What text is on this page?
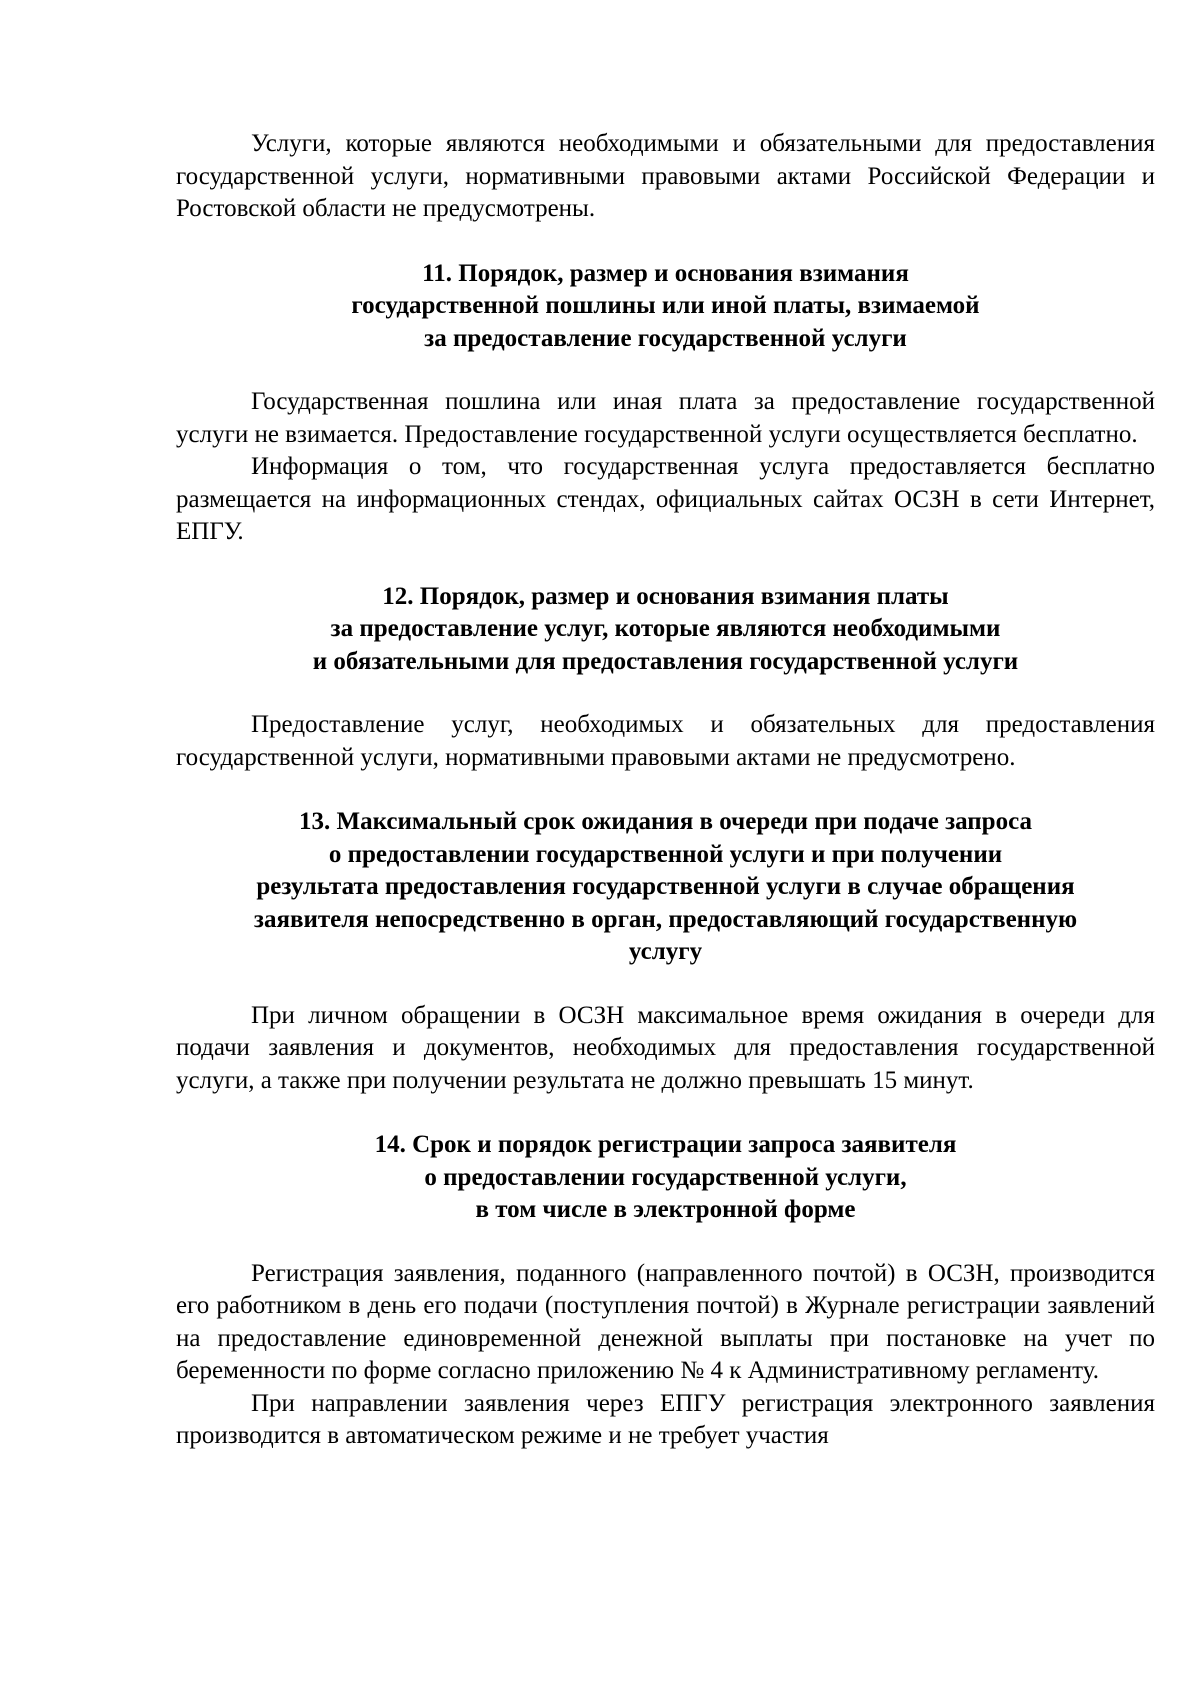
Услуги, которые являются необходимыми и обязательными для предоставления государственной услуги, нормативными правовыми актами Российской Федерации и Ростовской области не предусмотрены.

11. Порядок, размер и основания взимания
государственной пошлины или иной платы, взимаемой
за предоставление государственной услуги

Государственная пошлина или иная плата за предоставление государственной услуги не взимается. Предоставление государственной услуги осуществляется бесплатно.

Информация о том, что государственная услуга предоставляется бесплатно размещается на информационных стендах, официальных сайтах ОСЗН в сети Интернет, ЕПГУ.

12. Порядок, размер и основания взимания платы
за предоставление услуг, которые являются необходимыми
и обязательными для предоставления государственной услуги

Предоставление услуг, необходимых и обязательных для предоставления государственной услуги, нормативными правовыми актами не предусмотрено.

13. Максимальный срок ожидания в очереди при подаче запроса
о предоставлении государственной услуги и при получении
результата предоставления государственной услуги в случае обращения
заявителя непосредственно в орган, предоставляющий государственную
услугу

При личном обращении в ОСЗН максимальное время ожидания в очереди для подачи заявления и документов, необходимых для предоставления государственной услуги, а также при получении результата не должно превышать 15 минут.

14. Срок и порядок регистрации запроса заявителя
о предоставлении государственной услуги,
в том числе в электронной форме

Регистрация заявления, поданного (направленного почтой) в ОСЗН, производится его работником в день его подачи (поступления почтой) в Журнале регистрации заявлений на предоставление единовременной денежной выплаты при постановке на учет по беременности по форме согласно приложению № 4 к Административному регламенту.

При направлении заявления через ЕПГУ регистрация электронного заявления производится в автоматическом режиме и не требует участия
